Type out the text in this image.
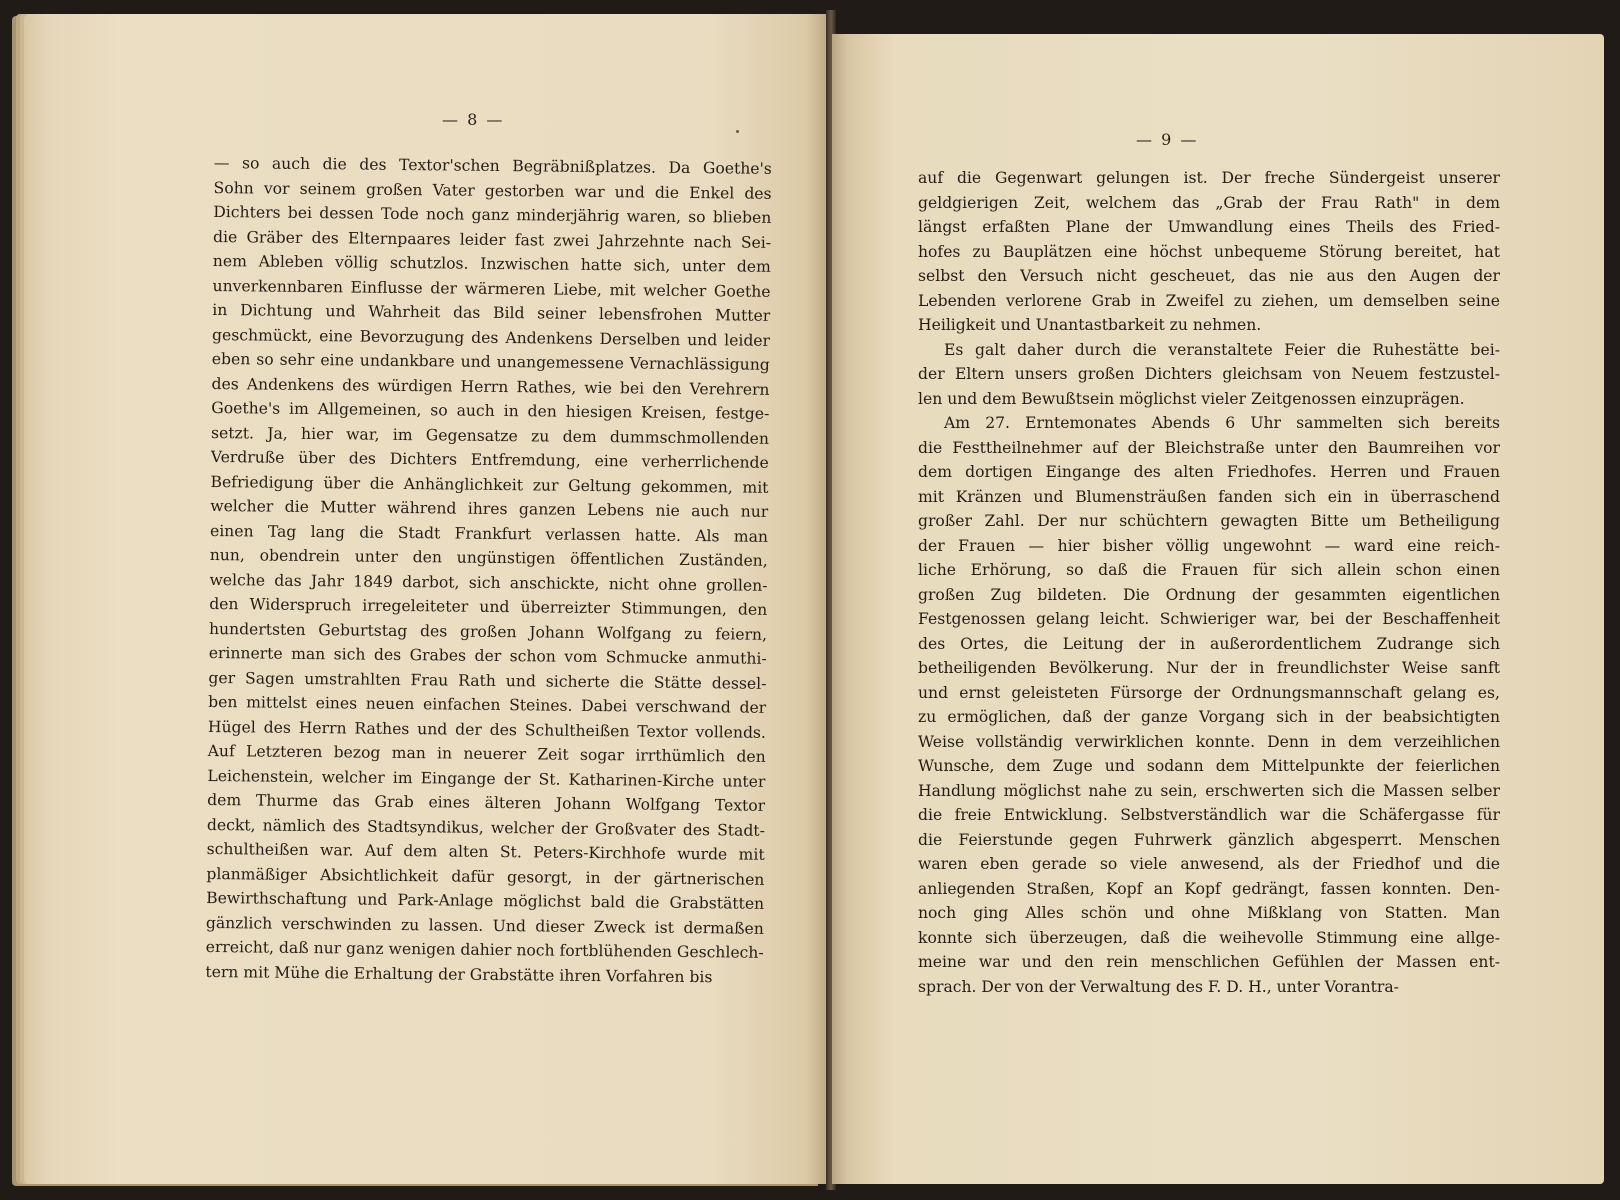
— 8 —
— so auch die des Textor'schen Begräbnißplatzes. Da Goethe's
Sohn vor seinem großen Vater gestorben war und die Enkel des
Dichters bei dessen Tode noch ganz minderjährig waren, so blieben
die Gräber des Elternpaares leider fast zwei Jahrzehnte nach Sei-
nem Ableben völlig schutzlos. Inzwischen hatte sich, unter dem
unverkennbaren Einflusse der wärmeren Liebe, mit welcher Goethe
in Dichtung und Wahrheit das Bild seiner lebensfrohen Mutter
geschmückt, eine Bevorzugung des Andenkens Derselben und leider
eben so sehr eine undankbare und unangemessene Vernachlässigung
des Andenkens des würdigen Herrn Rathes, wie bei den Verehrern
Goethe's im Allgemeinen, so auch in den hiesigen Kreisen, festge-
setzt. Ja, hier war, im Gegensatze zu dem dummschmollenden
Verdruße über des Dichters Entfremdung, eine verherrlichende
Befriedigung über die Anhänglichkeit zur Geltung gekommen, mit
welcher die Mutter während ihres ganzen Lebens nie auch nur
einen Tag lang die Stadt Frankfurt verlassen hatte. Als man
nun, obendrein unter den ungünstigen öffentlichen Zuständen,
welche das Jahr 1849 darbot, sich anschickte, nicht ohne grollen-
den Widerspruch irregeleiteter und überreizter Stimmungen, den
hundertsten Geburtstag des großen Johann Wolfgang zu feiern,
erinnerte man sich des Grabes der schon vom Schmucke anmuthi-
ger Sagen umstrahlten Frau Rath und sicherte die Stätte dessel-
ben mittelst eines neuen einfachen Steines. Dabei verschwand der
Hügel des Herrn Rathes und der des Schultheißen Textor vollends.
Auf Letzteren bezog man in neuerer Zeit sogar irrthümlich den
Leichenstein, welcher im Eingange der St. Katharinen-Kirche unter
dem Thurme das Grab eines älteren Johann Wolfgang Textor
deckt, nämlich des Stadtsyndikus, welcher der Großvater des Stadt-
schultheißen war. Auf dem alten St. Peters-Kirchhofe wurde mit
planmäßiger Absichtlichkeit dafür gesorgt, in der gärtnerischen
Bewirthschaftung und Park-Anlage möglichst bald die Grabstätten
gänzlich verschwinden zu lassen. Und dieser Zweck ist dermaßen
erreicht, daß nur ganz wenigen dahier noch fortblühenden Geschlech-
tern mit Mühe die Erhaltung der Grabstätte ihren Vorfahren bis
— 9 —
auf die Gegenwart gelungen ist. Der freche Sündergeist unserer
geldgierigen Zeit, welchem das „Grab der Frau Rath" in dem
längst erfaßten Plane der Umwandlung eines Theils des Fried-
hofes zu Bauplätzen eine höchst unbequeme Störung bereitet, hat
selbst den Versuch nicht gescheuet, das nie aus den Augen der
Lebenden verlorene Grab in Zweifel zu ziehen, um demselben seine
Heiligkeit und Unantastbarkeit zu nehmen.
Es galt daher durch die veranstaltete Feier die Ruhestätte bei-
der Eltern unsers großen Dichters gleichsam von Neuem festzustel-
len und dem Bewußtsein möglichst vieler Zeitgenossen einzuprägen.
Am 27. Erntemonates Abends 6 Uhr sammelten sich bereits
die Festtheilnehmer auf der Bleichstraße unter den Baumreihen vor
dem dortigen Eingange des alten Friedhofes. Herren und Frauen
mit Kränzen und Blumensträußen fanden sich ein in überraschend
großer Zahl. Der nur schüchtern gewagten Bitte um Betheiligung
der Frauen — hier bisher völlig ungewohnt — ward eine reich-
liche Erhörung, so daß die Frauen für sich allein schon einen
großen Zug bildeten. Die Ordnung der gesammten eigentlichen
Festgenossen gelang leicht. Schwieriger war, bei der Beschaffenheit
des Ortes, die Leitung der in außerordentlichem Zudrange sich
betheiligenden Bevölkerung. Nur der in freundlichster Weise sanft
und ernst geleisteten Fürsorge der Ordnungsmannschaft gelang es,
zu ermöglichen, daß der ganze Vorgang sich in der beabsichtigten
Weise vollständig verwirklichen konnte. Denn in dem verzeihlichen
Wunsche, dem Zuge und sodann dem Mittelpunkte der feierlichen
Handlung möglichst nahe zu sein, erschwerten sich die Massen selber
die freie Entwicklung. Selbstverständlich war die Schäfergasse für
die Feierstunde gegen Fuhrwerk gänzlich abgesperrt. Menschen
waren eben gerade so viele anwesend, als der Friedhof und die
anliegenden Straßen, Kopf an Kopf gedrängt, fassen konnten. Den-
noch ging Alles schön und ohne Mißklang von Statten. Man
konnte sich überzeugen, daß die weihevolle Stimmung eine allge-
meine war und den rein menschlichen Gefühlen der Massen ent-
sprach. Der von der Verwaltung des F. D. H., unter Vorantra-
